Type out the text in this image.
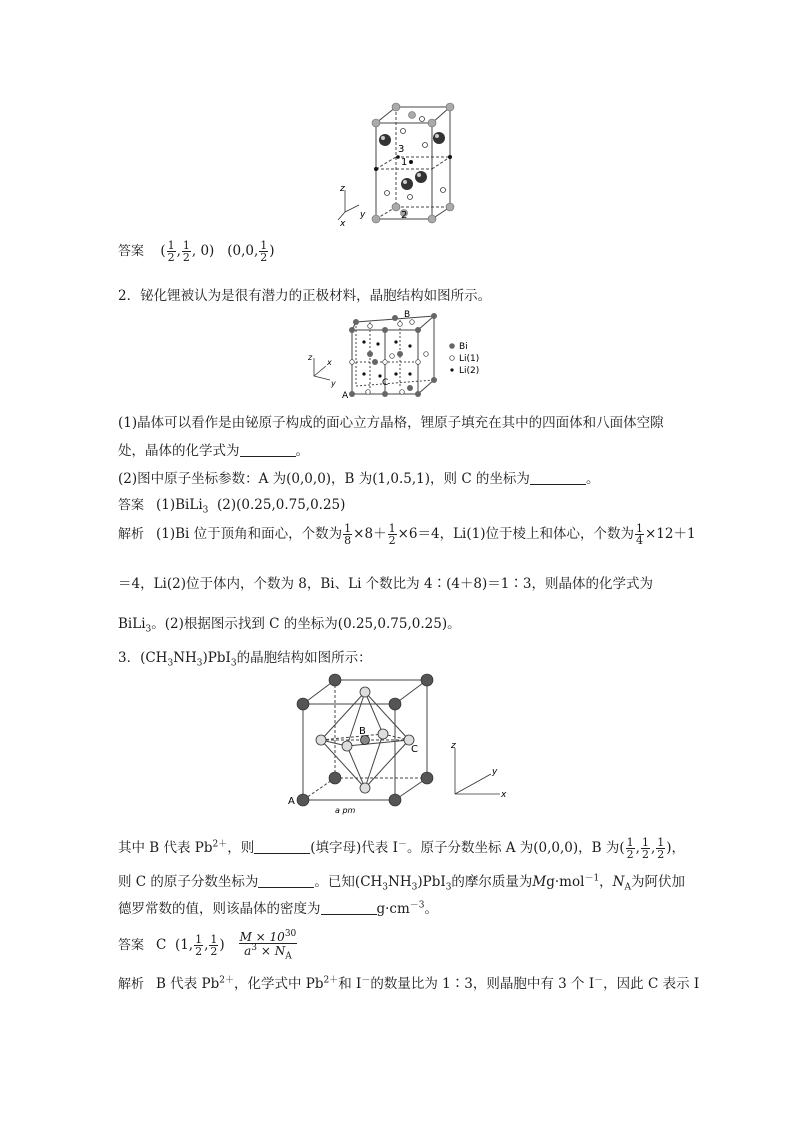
3
1
2
z
y
x
答案 ( $\frac{1}{2}$ , $\frac{1}{2}$ , 0) (0,0, $\frac{1}{2}$ )
2．铋化锂被认为是很有潜力的正极材料，晶胞结构如图所示。
B
C
A
z
x
y
Bi
Li(1)
Li(2)
(1)晶体可以看作是由铋原子构成的面心立方晶格，锂原子填充在其中的四面体和八面体空隙
处，晶体的化学式为	。
(2)图中原子坐标参数：A 为(0,0,0)，B 为(1,0.5,1)，则 C 的坐标为	。
答案 (1)BiLi$_3$ (2)(0.25,0.75,0.25)
解析 (1)Bi 位于顶角和面心，个数为 $\frac{1}{8} \times 8+ \frac{1}{2} \times 6=4$，Li(1)位于棱上和体心，个数为 $\frac{1}{4} \times 12+1$
＝4，Li(2)位于体内，个数为 8，Bi、Li 个数比为 4∶(4＋8)＝1∶3，则晶体的化学式为
BiLi$_3$。(2)根据图示找到 C 的坐标为(0.25,0.75,0.25)。
3．$(CH_3NH_3)PbI_3$的晶胞结构如图所示：
B
C
A
a pm
z
y
x
其中 B 代表 $Pb^{2+}$，则	(填字母)代表 I－。原子分数坐标 A 为(0,0,0)，B 为( $\frac{1}{2}$ , $\frac{1}{2}$ , $\frac{1}{2}$ )，
则 C 的原子分数坐标为	。已知$(CH_3NH_3)PbI_3$的摩尔质量为Mg·mol$^{-1}$，$N_A$为阿伏加
德罗常数的值，则该晶体的密度为	$g\cdot cm^{-3}$。
答案 C (1, $\frac{1}{2}$ , $\frac{1}{2}$ ) $\frac{M \times 10^{30}}{a^3 \times N_A}$
解析 B 代表 $Pb^{2+}$，化学式中 $Pb^{2+}$和 I－的数量比为 1∶3，则晶胞中有 3 个 I－，因此 C 表示 I
